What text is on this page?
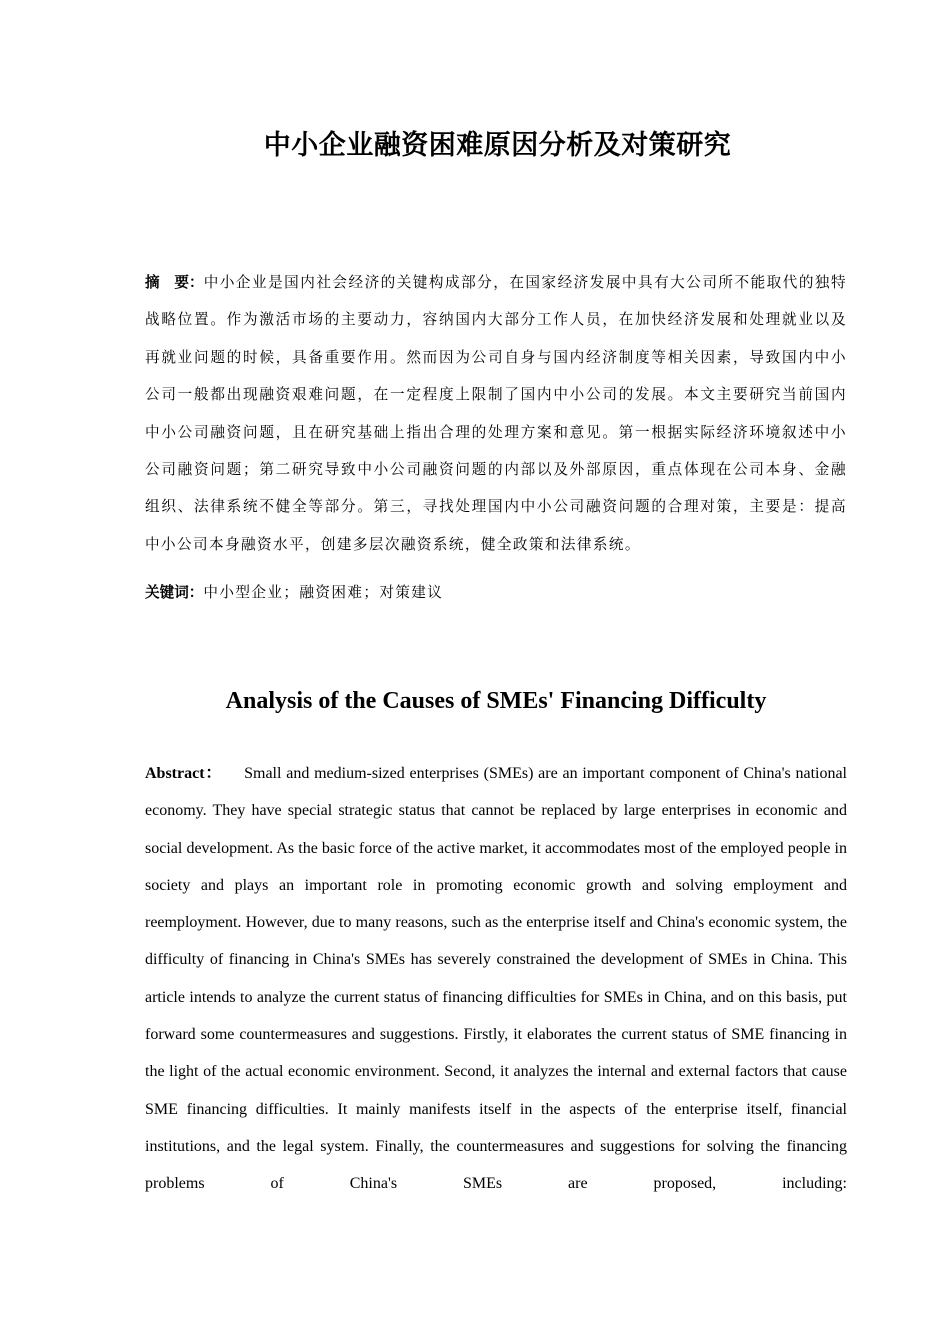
中小企业融资困难原因分析及对策研究
摘　要：中小企业是国内社会经济的关键构成部分，在国家经济发展中具有大公司所不能取代的独特战略位置。作为激活市场的主要动力，容纳国内大部分工作人员，在加快经济发展和处理就业以及再就业问题的时候，具备重要作用。然而因为公司自身与国内经济制度等相关因素，导致国内中小公司一般都出现融资艰难问题，在一定程度上限制了国内中小公司的发展。本文主要研究当前国内中小公司融资问题，且在研究基础上指出合理的处理方案和意见。第一根据实际经济环境叙述中小公司融资问题；第二研究导致中小公司融资问题的内部以及外部原因，重点体现在公司本身、金融组织、法律系统不健全等部分。第三，寻找处理国内中小公司融资问题的合理对策，主要是：提高中小公司本身融资水平，创建多层次融资系统，健全政策和法律系统。
关键词：中小型企业；融资困难；对策建议
Analysis of the Causes of SMEs' Financing Difficulty
Abstract： Small and medium-sized enterprises (SMEs) are an important component of China's national economy. They have special strategic status that cannot be replaced by large enterprises in economic and social development. As the basic force of the active market, it accommodates most of the employed people in society and plays an important role in promoting economic growth and solving employment and reemployment. However, due to many reasons, such as the enterprise itself and China's economic system, the difficulty of financing in China's SMEs has severely constrained the development of SMEs in China. This article intends to analyze the current status of financing difficulties for SMEs in China, and on this basis, put forward some countermeasures and suggestions. Firstly, it elaborates the current status of SME financing in the light of the actual economic environment. Second, it analyzes the internal and external factors that cause SME financing difficulties. It mainly manifests itself in the aspects of the enterprise itself, financial institutions, and the legal system. Finally, the countermeasures and suggestions for solving the financing problems of China's SMEs are proposed, including:
